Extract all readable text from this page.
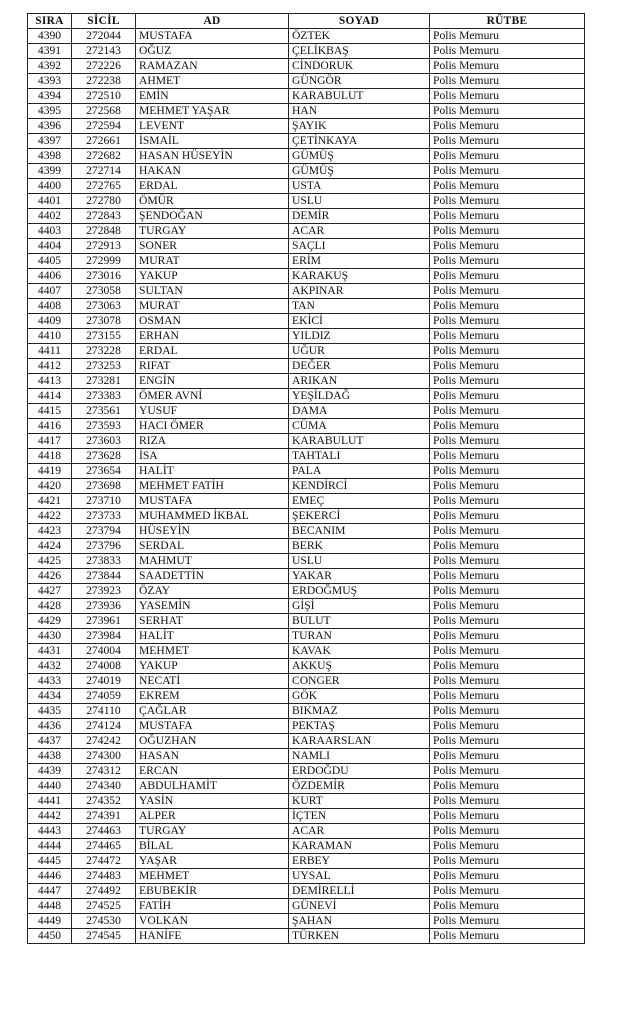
SIRA	SİCİL	AD	SOYAD	RÜTBE
4390	272044	MUSTAFA	ÖZTEK	Polis Memuru
4391	272143	OĞUZ	ÇELİKBAŞ	Polis Memuru
4392	272226	RAMAZAN	CİNDORUK	Polis Memuru
4393	272238	AHMET	GÜNGÖR	Polis Memuru
4394	272510	EMİN	KARABULUT	Polis Memuru
4395	272568	MEHMET YAŞAR	HAN	Polis Memuru
4396	272594	LEVENT	ŞAYIK	Polis Memuru
4397	272661	İSMAİL	ÇETİNKAYA	Polis Memuru
4398	272682	HASAN HÜSEYİN	GÜMÜŞ	Polis Memuru
4399	272714	HAKAN	GÜMÜŞ	Polis Memuru
4400	272765	ERDAL	USTA	Polis Memuru
4401	272780	ÖMÜR	USLU	Polis Memuru
4402	272843	ŞENDOĞAN	DEMİR	Polis Memuru
4403	272848	TURGAY	ACAR	Polis Memuru
4404	272913	SONER	SAÇLI	Polis Memuru
4405	272999	MURAT	ERİM	Polis Memuru
4406	273016	YAKUP	KARAKUŞ	Polis Memuru
4407	273058	SULTAN	AKPINAR	Polis Memuru
4408	273063	MURAT	TAN	Polis Memuru
4409	273078	OSMAN	EKİCİ	Polis Memuru
4410	273155	ERHAN	YILDIZ	Polis Memuru
4411	273228	ERDAL	UĞUR	Polis Memuru
4412	273253	RIFAT	DEĞER	Polis Memuru
4413	273281	ENGİN	ARIKAN	Polis Memuru
4414	273383	ÖMER AVNİ	YEŞİLDAĞ	Polis Memuru
4415	273561	YUSUF	DAMA	Polis Memuru
4416	273593	HACI ÖMER	CÜMA	Polis Memuru
4417	273603	RIZA	KARABULUT	Polis Memuru
4418	273628	İSA	TAHTALI	Polis Memuru
4419	273654	HALİT	PALA	Polis Memuru
4420	273698	MEHMET FATİH	KENDİRCİ	Polis Memuru
4421	273710	MUSTAFA	EMEÇ	Polis Memuru
4422	273733	MUHAMMED İKBAL	ŞEKERCİ	Polis Memuru
4423	273794	HÜSEYİN	BECANIM	Polis Memuru
4424	273796	SERDAL	BERK	Polis Memuru
4425	273833	MAHMUT	USLU	Polis Memuru
4426	273844	SAADETTİN	YAKAR	Polis Memuru
4427	273923	ÖZAY	ERDOĞMUŞ	Polis Memuru
4428	273936	YASEMİN	GİŞİ	Polis Memuru
4429	273961	SERHAT	BULUT	Polis Memuru
4430	273984	HALİT	TURAN	Polis Memuru
4431	274004	MEHMET	KAVAK	Polis Memuru
4432	274008	YAKUP	AKKUŞ	Polis Memuru
4433	274019	NECATİ	CONGER	Polis Memuru
4434	274059	EKREM	GÖK	Polis Memuru
4435	274110	ÇAĞLAR	BIKMAZ	Polis Memuru
4436	274124	MUSTAFA	PEKTAŞ	Polis Memuru
4437	274242	OĞUZHAN	KARAARSLAN	Polis Memuru
4438	274300	HASAN	NAMLI	Polis Memuru
4439	274312	ERCAN	ERDOĞDU	Polis Memuru
4440	274340	ABDULHAMİT	ÖZDEMİR	Polis Memuru
4441	274352	YASİN	KURT	Polis Memuru
4442	274391	ALPER	İÇTEN	Polis Memuru
4443	274463	TURGAY	ACAR	Polis Memuru
4444	274465	BİLAL	KARAMAN	Polis Memuru
4445	274472	YAŞAR	ERBEY	Polis Memuru
4446	274483	MEHMET	UYSAL	Polis Memuru
4447	274492	EBUBEKİR	DEMİRELLİ	Polis Memuru
4448	274525	FATİH	GÜNEVİ	Polis Memuru
4449	274530	VOLKAN	ŞAHAN	Polis Memuru
4450	274545	HANİFE	TÜRKEN	Polis Memuru
